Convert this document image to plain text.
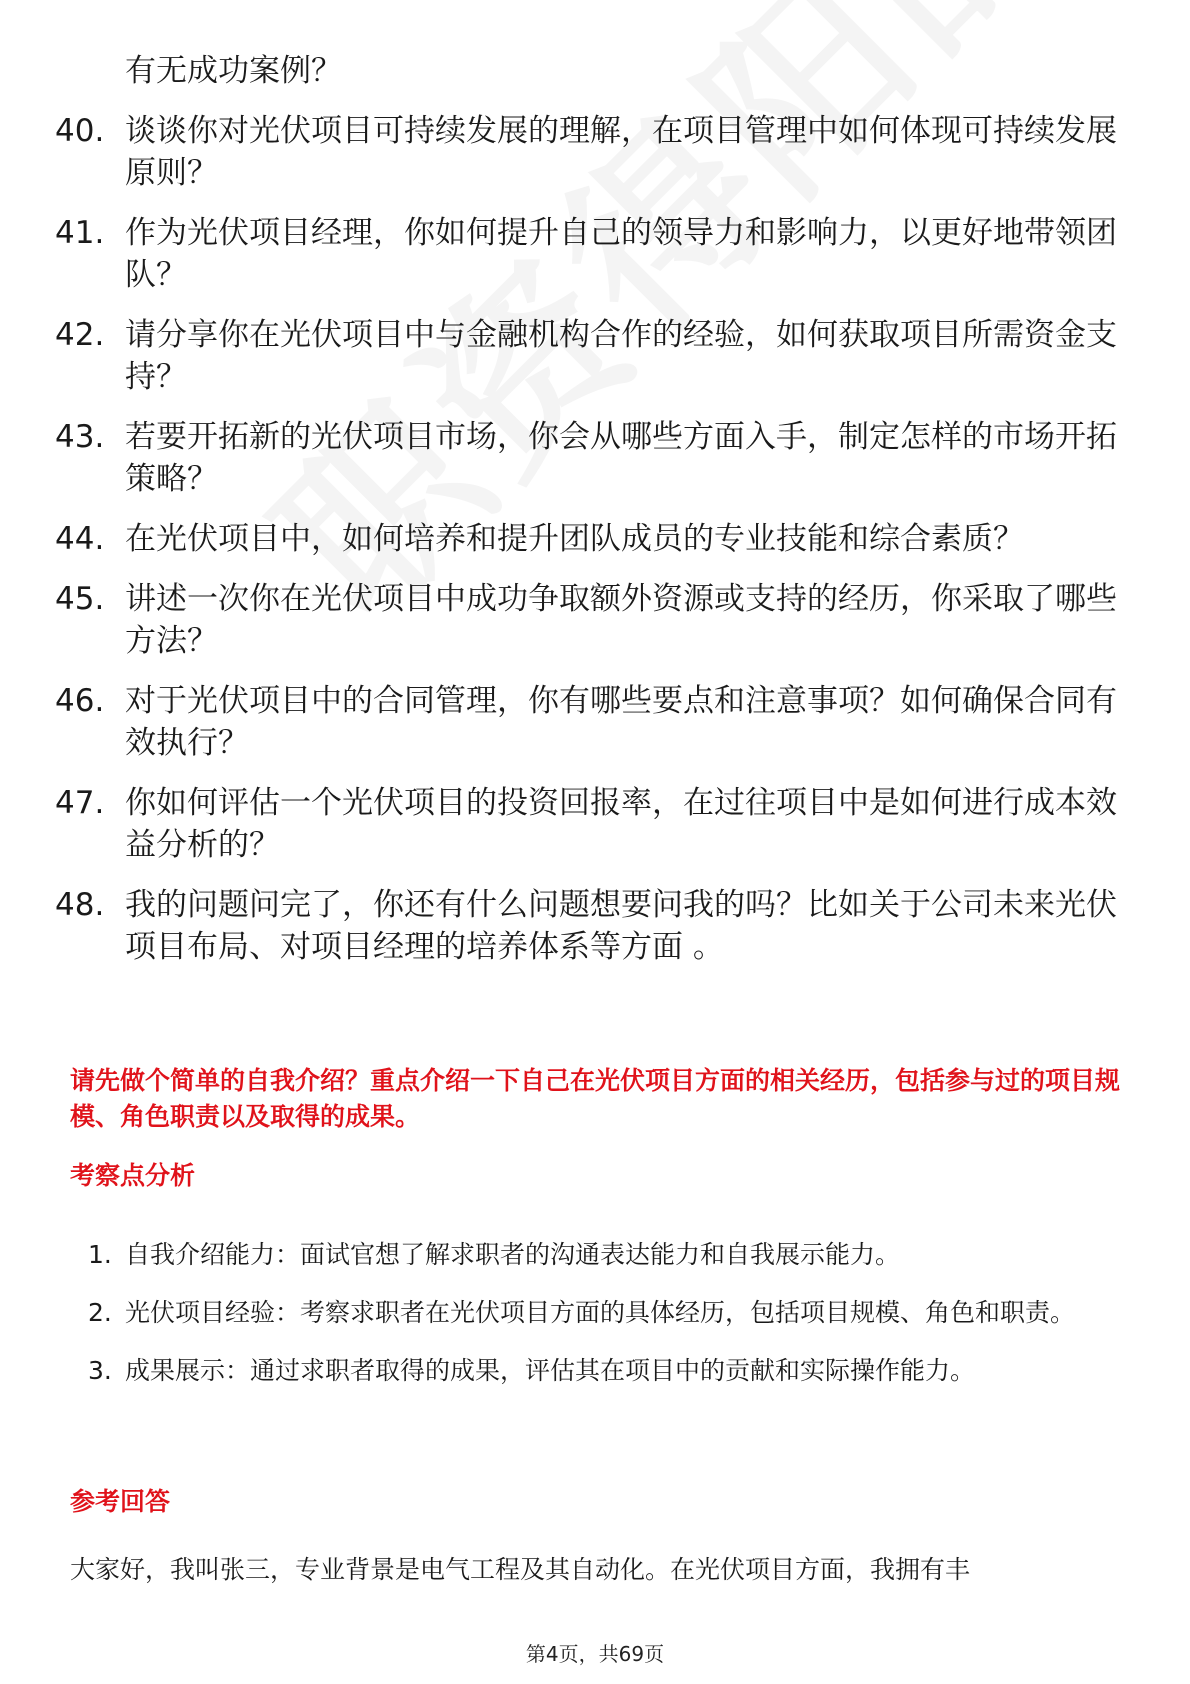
有无成功案例？
40. 谈谈你对光伏项目可持续发展的理解，在项目管理中如何体现可持续发展原则？
41. 作为光伏项目经理，你如何提升自己的领导力和影响力，以更好地带领团队？
42. 请分享你在光伏项目中与金融机构合作的经验，如何获取项目所需资金支持？
43. 若要开拓新的光伏项目市场，你会从哪些方面入手，制定怎样的市场开拓策略？
44. 在光伏项目中，如何培养和提升团队成员的专业技能和综合素质？
45. 讲述一次你在光伏项目中成功争取额外资源或支持的经历，你采取了哪些方法？
46. 对于光伏项目中的合同管理，你有哪些要点和注意事项？如何确保合同有效执行？
47. 你如何评估一个光伏项目的投资回报率，在过往项目中是如何进行成本效益分析的？
48. 我的问题问完了，你还有什么问题想要问我的吗？比如关于公司未来光伏项目布局、对项目经理的培养体系等方面 。
请先做个简单的自我介绍？重点介绍一下自己在光伏项目方面的相关经历，包括参与过的项目规模、角色职责以及取得的成果。
考察点分析
1. 自我介绍能力：面试官想了解求职者的沟通表达能力和自我展示能力。
2. 光伏项目经验：考察求职者在光伏项目方面的具体经历，包括项目规模、角色和职责。
3. 成果展示：通过求职者取得的成果，评估其在项目中的贡献和实际操作能力。
参考回答
大家好，我叫张三，专业背景是电气工程及其自动化。在光伏项目方面，我拥有丰
第4页，共69页
